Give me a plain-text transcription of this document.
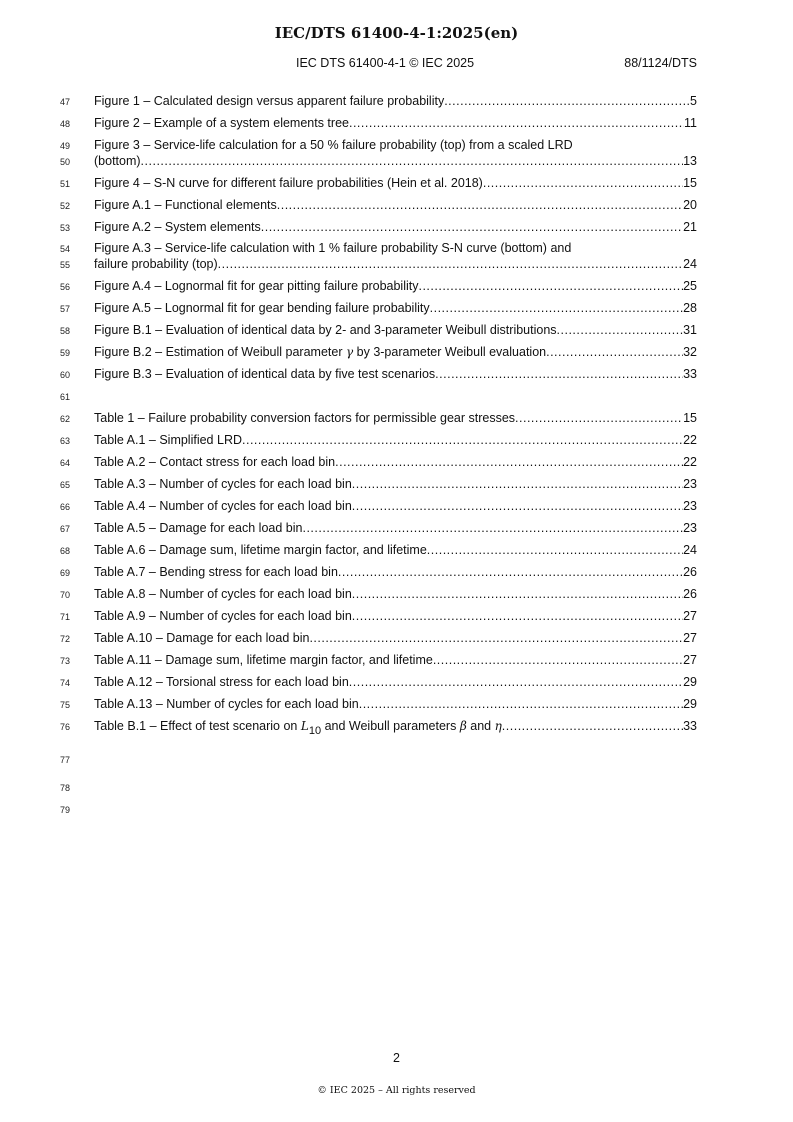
IEC/DTS 61400-4-1:2025(en)
IEC DTS 61400-4-1 © IEC 2025	88/1124/DTS
47
48
49
50
51
52
53
54
55
56
57
58
59
60
61
62
63
64
65
66
67
68
69
70
71
72
73
74
75
76
77
78
79
Figure 1 – Calculated design versus apparent failure probability .....	5
Figure 2 – Example of a system elements tree .....	11
Figure 3 – Service-life calculation for a 50 % failure probability (top) from a scaled LRD
(bottom) .....	13
Figure 4 – S-N curve for different failure probabilities (Hein et al. 2018) .....	15
Figure A.1 – Functional elements .....	20
Figure A.2 – System elements .....	21
Figure A.3 – Service-life calculation with 1 % failure probability S-N curve (bottom) and
failure probability (top) .....	24
Figure A.4 – Lognormal fit for gear pitting failure probability .....	25
Figure A.5 – Lognormal fit for gear bending failure probability .....	28
Figure B.1 – Evaluation of identical data by 2- and 3-parameter Weibull distributions .....	31
Figure B.2 – Estimation of Weibull parameter γ by 3-parameter Weibull evaluation .....	32
Figure B.3 – Evaluation of identical data by five test scenarios .....	33
Table 1 – Failure probability conversion factors for permissible gear stresses .....	15
Table A.1 – Simplified LRD .....	22
Table A.2 – Contact stress for each load bin .....	22
Table A.3 – Number of cycles for each load bin .....	23
Table A.4 – Number of cycles for each load bin .....	23
Table A.5 – Damage for each load bin .....	23
Table A.6 – Damage sum, lifetime margin factor, and lifetime .....	24
Table A.7 – Bending stress for each load bin .....	26
Table A.8 – Number of cycles for each load bin .....	26
Table A.9 – Number of cycles for each load bin .....	27
Table A.10 – Damage for each load bin .....	27
Table A.11 – Damage sum, lifetime margin factor, and lifetime .....	27
Table A.12 – Torsional stress for each load bin .....	29
Table A.13 – Number of cycles for each load bin .....	29
Table B.1 – Effect of test scenario on L10 and Weibull parameters β and η .....	33
2
© IEC 2025 – All rights reserved
